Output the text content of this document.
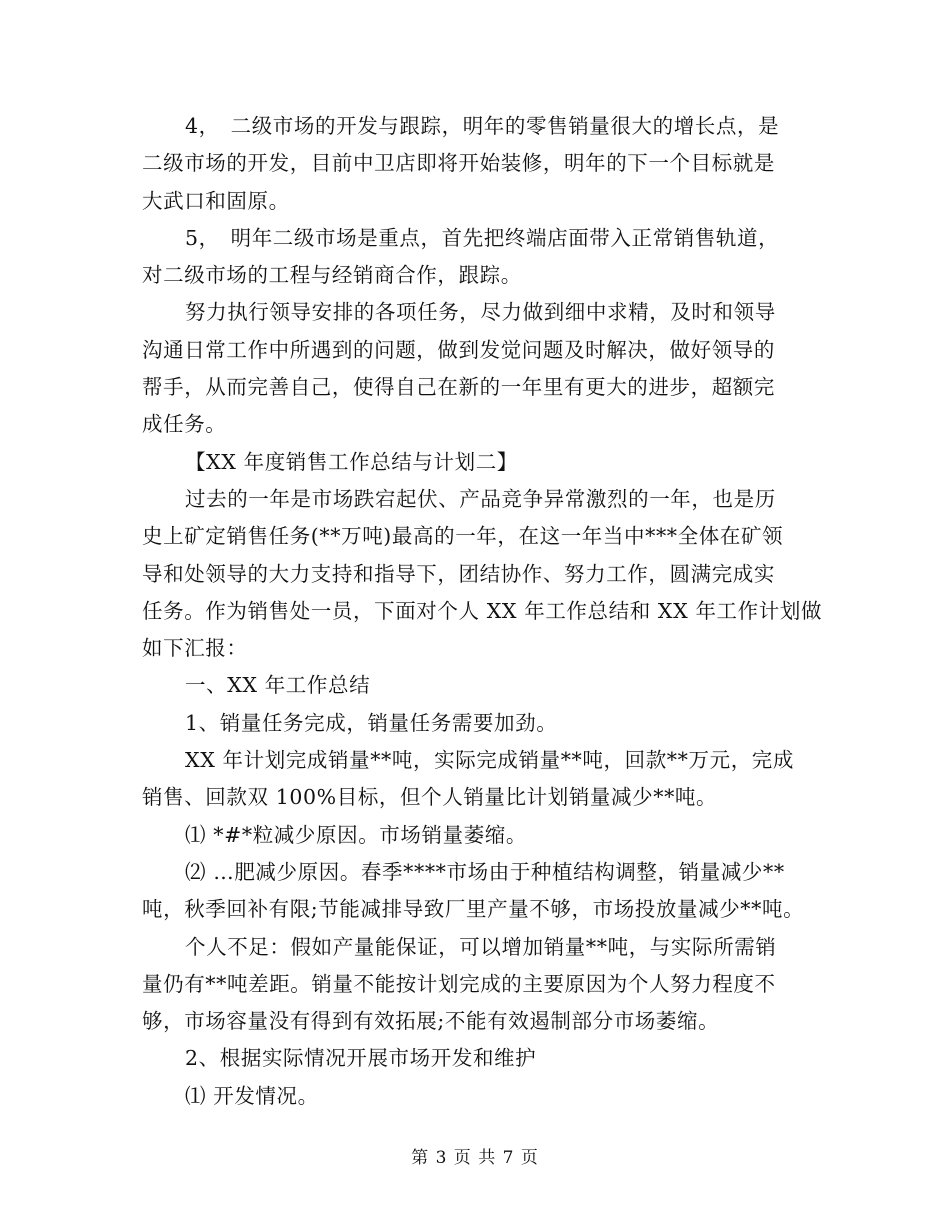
4，　二级市场的开发与跟踪，明年的零售销量很大的增长点，是
二级市场的开发，目前中卫店即将开始装修，明年的下一个目标就是
大武口和固原。
5，　明年二级市场是重点，首先把终端店面带入正常销售轨道，
对二级市场的工程与经销商合作，跟踪。
努力执行领导安排的各项任务，尽力做到细中求精，及时和领导
沟通日常工作中所遇到的问题，做到发觉问题及时解决，做好领导的
帮手，从而完善自己，使得自己在新的一年里有更大的进步，超额完
成任务。
【XX 年度销售工作总结与计划二】
过去的一年是市场跌宕起伏、产品竞争异常激烈的一年，也是历
史上矿定销售任务(**万吨)最高的一年，在这一年当中***全体在矿领
导和处领导的大力支持和指导下，团结协作、努力工作，圆满完成实
任务。作为销售处一员，下面对个人 XX 年工作总结和 XX 年工作计划做
如下汇报：
一、XX 年工作总结
1、销量任务完成，销量任务需要加劲。
XX 年计划完成销量**吨，实际完成销量**吨，回款**万元，完成
销售、回款双 100%目标，但个人销量比计划销量减少**吨。
⑴ *#*粒减少原因。市场销量萎缩。
⑵ …肥减少原因。春季****市场由于种植结构调整，销量减少**
吨，秋季回补有限;节能减排导致厂里产量不够，市场投放量减少**吨。
个人不足：假如产量能保证，可以增加销量**吨，与实际所需销
量仍有**吨差距。销量不能按计划完成的主要原因为个人努力程度不
够，市场容量没有得到有效拓展;不能有效遏制部分市场萎缩。
2、根据实际情况开展市场开发和维护
⑴ 开发情况。
第 3 页 共 7 页
